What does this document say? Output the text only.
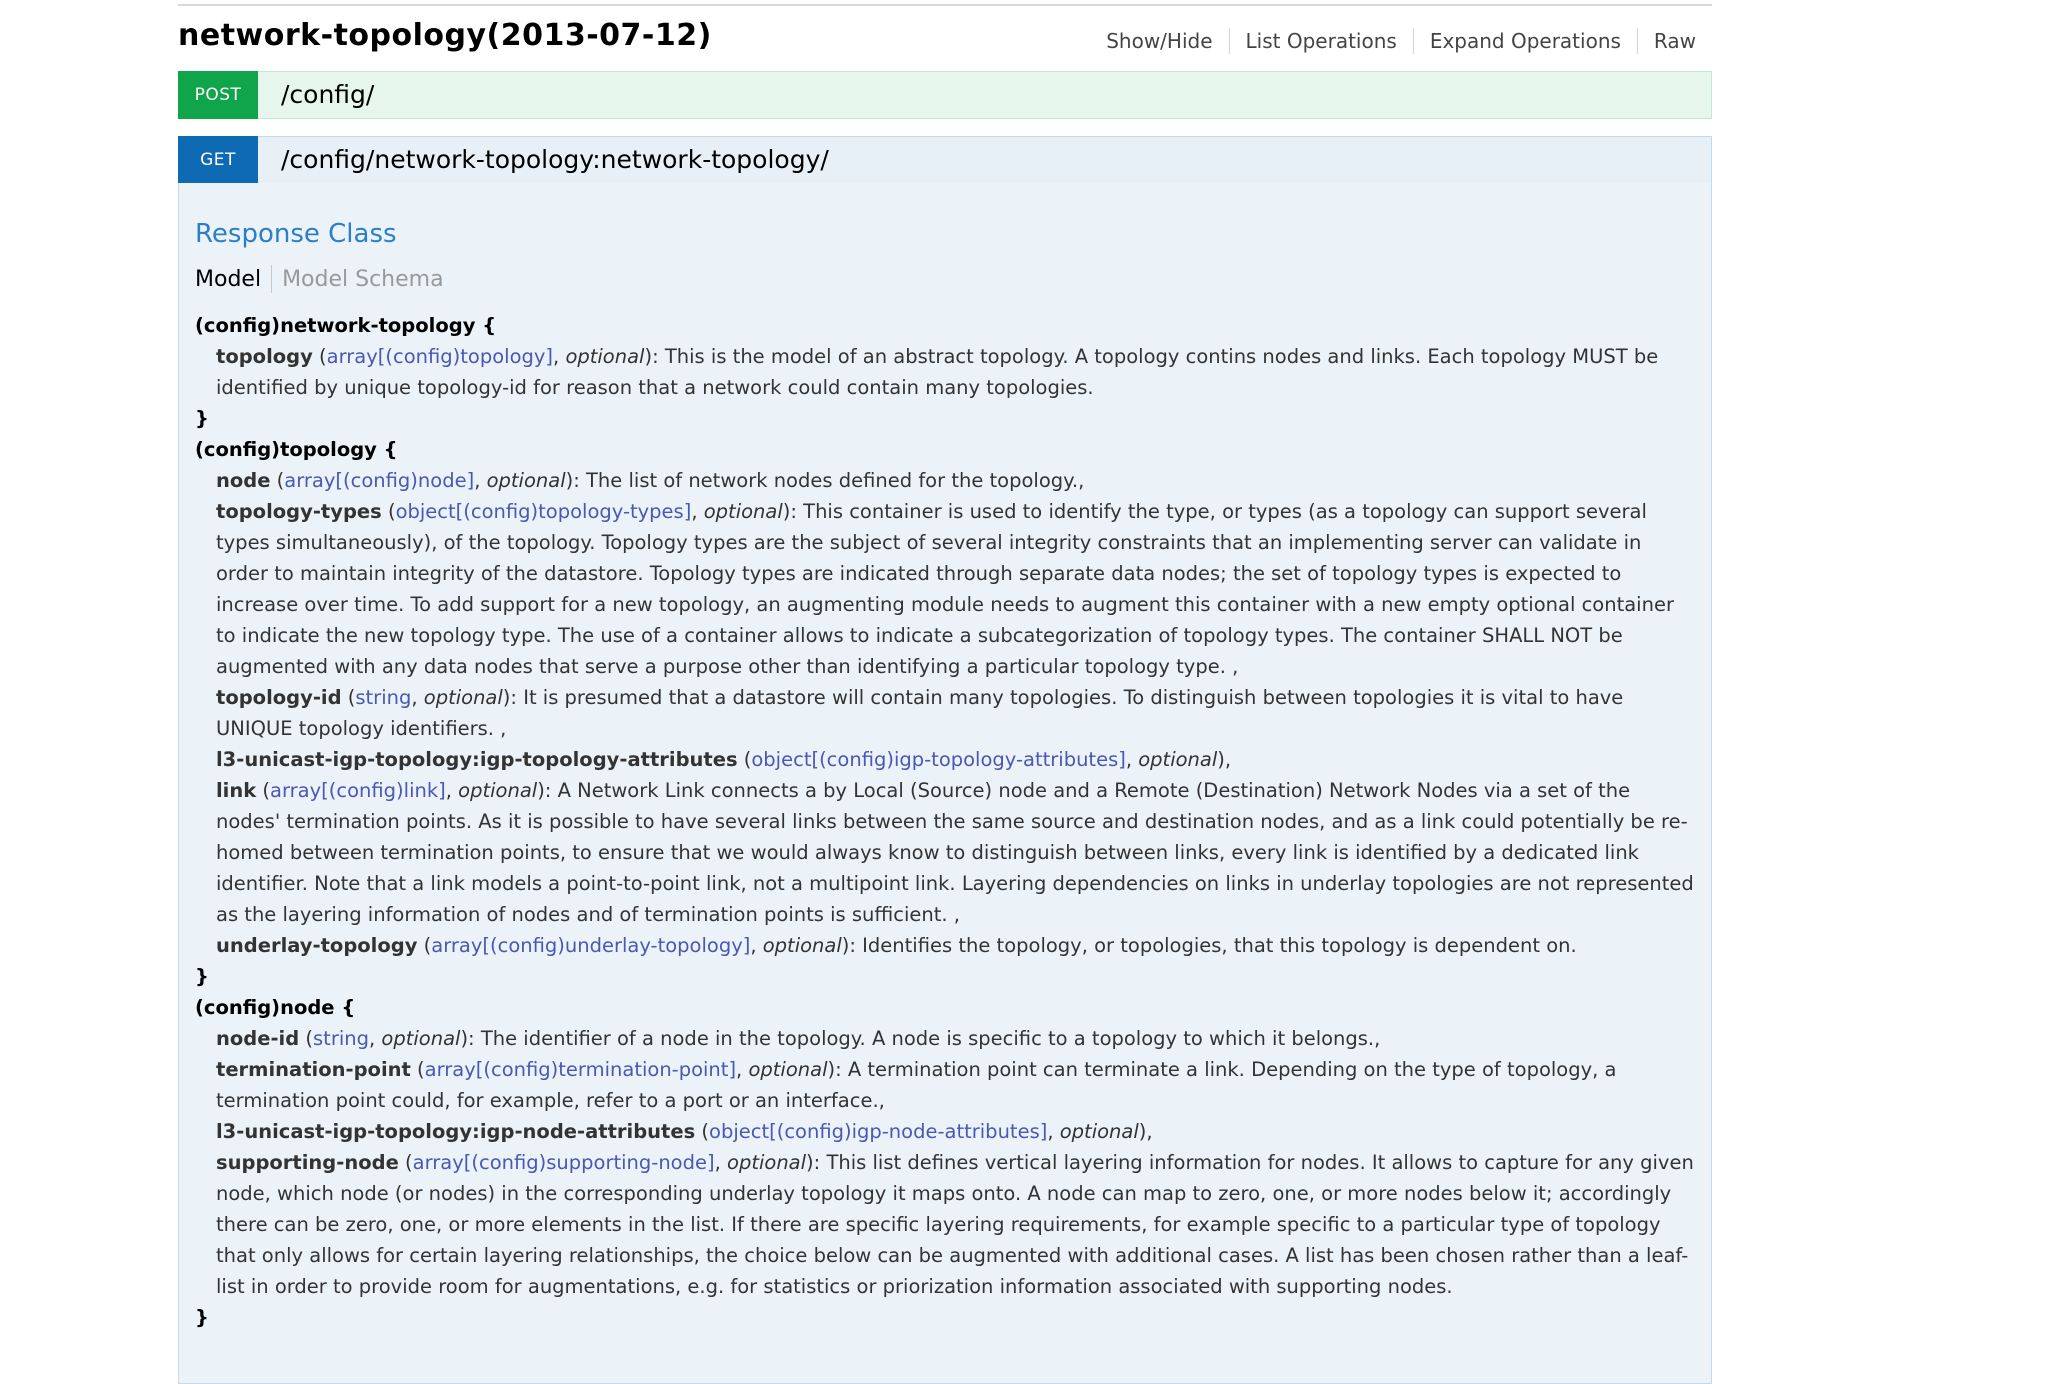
network-topology(2013-07-12)	Show/Hide	List Operations	Expand Operations	Raw
POST	/config/
GET	/config/network-topology:network-topology/
Response Class
Model Model Schema
(config)network-topology {
topology (array[(config)topology], optional): This is the model of an abstract topology. A topology contins nodes and links. Each topology MUST be identified by unique topology-id for reason that a network could contain many topologies.
}
(config)topology {
node (array[(config)node], optional): The list of network nodes defined for the topology.,
topology-types (object[(config)topology-types], optional): This container is used to identify the type, or types (as a topology can support several types simultaneously), of the topology. Topology types are the subject of several integrity constraints that an implementing server can validate in order to maintain integrity of the datastore. Topology types are indicated through separate data nodes; the set of topology types is expected to increase over time. To add support for a new topology, an augmenting module needs to augment this container with a new empty optional container to indicate the new topology type. The use of a container allows to indicate a subcategorization of topology types. The container SHALL NOT be augmented with any data nodes that serve a purpose other than identifying a particular topology type. ,
topology-id (string, optional): It is presumed that a datastore will contain many topologies. To distinguish between topologies it is vital to have UNIQUE topology identifiers. ,
l3-unicast-igp-topology:igp-topology-attributes (object[(config)igp-topology-attributes], optional),
link (array[(config)link], optional): A Network Link connects a by Local (Source) node and a Remote (Destination) Network Nodes via a set of the nodes' termination points. As it is possible to have several links between the same source and destination nodes, and as a link could potentially be re-homed between termination points, to ensure that we would always know to distinguish between links, every link is identified by a dedicated link identifier. Note that a link models a point-to-point link, not a multipoint link. Layering dependencies on links in underlay topologies are not represented as the layering information of nodes and of termination points is sufficient. ,
underlay-topology (array[(config)underlay-topology], optional): Identifies the topology, or topologies, that this topology is dependent on.
}
(config)node {
node-id (string, optional): The identifier of a node in the topology. A node is specific to a topology to which it belongs.,
termination-point (array[(config)termination-point], optional): A termination point can terminate a link. Depending on the type of topology, a termination point could, for example, refer to a port or an interface.,
l3-unicast-igp-topology:igp-node-attributes (object[(config)igp-node-attributes], optional),
supporting-node (array[(config)supporting-node], optional): This list defines vertical layering information for nodes. It allows to capture for any given node, which node (or nodes) in the corresponding underlay topology it maps onto. A node can map to zero, one, or more nodes below it; accordingly there can be zero, one, or more elements in the list. If there are specific layering requirements, for example specific to a particular type of topology that only allows for certain layering relationships, the choice below can be augmented with additional cases. A list has been chosen rather than a leaf-list in order to provide room for augmentations, e.g. for statistics or priorization information associated with supporting nodes.
}
